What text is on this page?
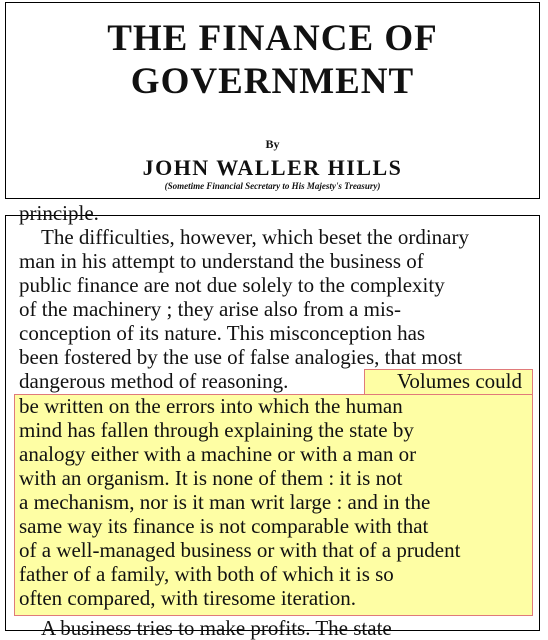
THE FINANCE OF
GOVERNMENT
By
JOHN WALLER HILLS
(Sometime Financial Secretary to His Majesty's Treasury)
principle.
The difficulties, however, which beset the ordinary
man in his attempt to understand the business of
public finance are not due solely to the complexity
of the machinery ; they arise also from a mis-
conception of its nature. This misconception has
been fostered by the use of false analogies, that most
dangerous method of reasoning.	Volumes could
be written on the errors into which the human
mind has fallen through explaining the state by
analogy either with a machine or with a man or
with an organism. It is none of them : it is not
a mechanism, nor is it man writ large : and in the
same way its finance is not comparable with that
of a well-managed business or with that of a prudent
father of a family, with both of which it is so
often compared, with tiresome iteration.
A business tries to make profits. The state
